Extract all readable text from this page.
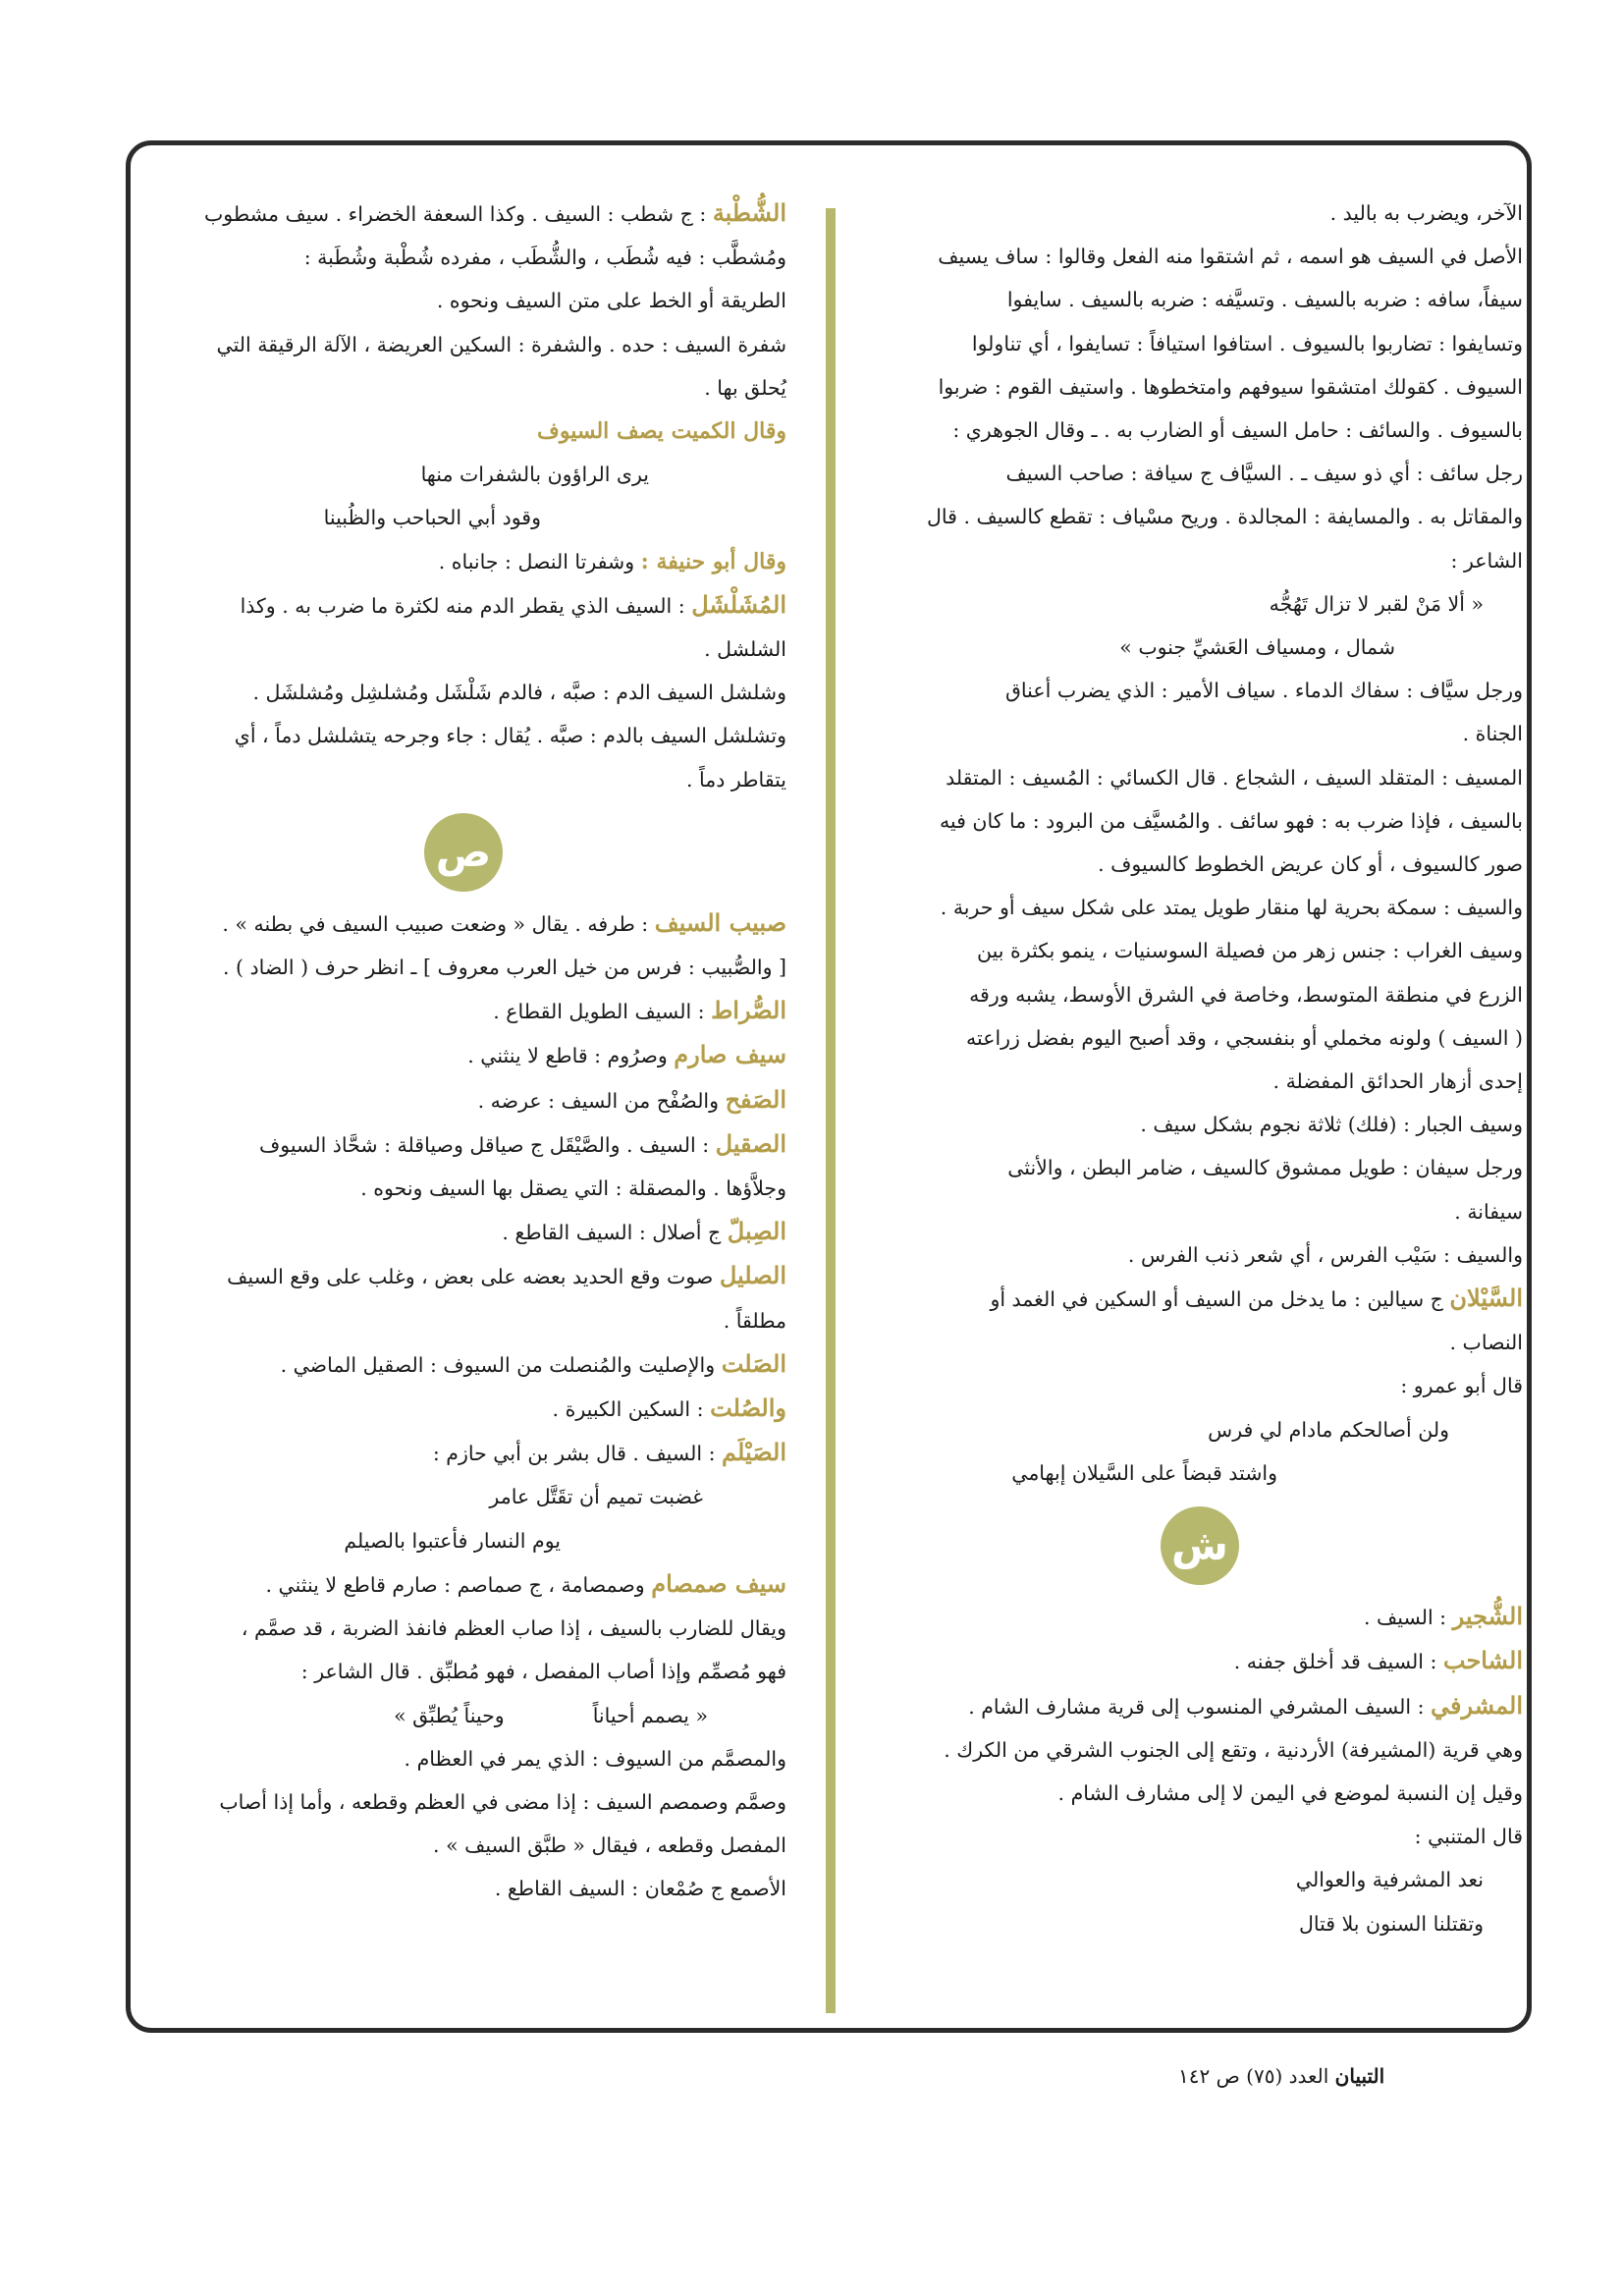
الآخر، ويضرب به باليد .

الأصل في السيف هو اسمه ، ثم اشتقوا منه الفعل وقالوا : ساف يسيف

سيفاً، سافه : ضربه بالسيف . وتسيَّفه : ضربه بالسيف . سايفوا

وتسايفوا : تضاربوا بالسيوف . استافوا استيافاً : تسايفوا ، أي تناولوا

السيوف . كقولك امتشقوا سيوفهم وامتخطوها . واستيف القوم : ضربوا

بالسيوف . والسائف : حامل السيف أو الضارب به . ـ وقال الجوهري :

رجل سائف : أي ذو سيف ـ . السيَّاف ج سيافة : صاحب السيف

والمقاتل به . والمسايفة : المجالدة . وريح مسْياف : تقطع كالسيف . قال

الشاعر :

« ألا مَنْ لقبر لا تزال تَهُجُّه

شمال ، ومسياف العَشيِّ جنوب »

ورجل سيَّاف : سفاك الدماء . سياف الأمير : الذي يضرب أعناق

الجناة .

المسيف : المتقلد السيف ، الشجاع . قال الكسائي : المُسيف : المتقلد

بالسيف ، فإذا ضرب به : فهو سائف . والمُسيَّف من البرود : ما كان فيه

صور كالسيوف ، أو كان عريض الخطوط كالسيوف .

والسيف : سمكة بحرية لها منقار طويل يمتد على شكل سيف أو حربة .

وسيف الغراب : جنس زهر من فصيلة السوسنيات ، ينمو بكثرة بين

الزرع في منطقة المتوسط، وخاصة في الشرق الأوسط، يشبه ورقه

( السيف ) ولونه مخملي أو بنفسجي ، وقد أصبح اليوم بفضل زراعته

إحدى أزهار الحدائق المفضلة .

وسيف الجبار : (فلك) ثلاثة نجوم بشكل سيف .

ورجل سيفان : طويل ممشوق كالسيف ، ضامر البطن ، والأنثى

سيفانة .

والسيف : سَيْب الفرس ، أي شعر ذنب الفرس .

السَّيْلان ج سيالين : ما يدخل من السيف أو السكين في الغمد أو

النصاب .

قال أبو عمرو :

ولن أصالحكم مادام لي فرس

واشتد قبضاً على السَّيلان إبهامي

ش

الشُّجير : السيف .

الشاحب : السيف قد أخلق جفنه .

المشرفي : السيف المشرفي المنسوب إلى قرية مشارف الشام .

وهي قرية (المشيرفة) الأردنية ، وتقع إلى الجنوب الشرقي من الكرك .

وقيل إن النسبة لموضع في اليمن لا إلى مشارف الشام .

قال المتنبي :

نعد المشرفية والعوالي

وتقتلنا السنون بلا قتال

الشُّطْبة : ج شطب : السيف . وكذا السعفة الخضراء . سيف مشطوب

ومُشطَّب : فيه شُطَب ، والشُّطَب ، مفرده شُطْبة وشُطَبة :

الطريقة أو الخط على متن السيف ونحوه .

شفرة السيف : حده . والشفرة : السكين العريضة ، الآلة الرقيقة التي

يُحلق بها .

وقال الكميت يصف السيوف

يرى الراؤون بالشفرات منها

وقود أبي الحباحب والظُبينا

وقال أبو حنيفة : وشفرتا النصل : جانباه .

المُشَلْشَل : السيف الذي يقطر الدم منه لكثرة ما ضرب به . وكذا

الشلشل .

وشلشل السيف الدم : صبَّه ، فالدم شَلْشَل ومُشلشِل ومُشلشَل .

وتشلشل السيف بالدم : صبَّه . يُقال : جاء وجرحه يتشلشل دماً ، أي

يتقاطر دماً .

ص

صبيب السيف : طرفه . يقال « وضعت صبيب السيف في بطنه » .

[ والصُّبيب : فرس من خيل العرب معروف ] ـ انظر حرف ( الضاد ) .

الصُّراط : السيف الطويل القطاع .

سيف صارم وصرُوم : قاطع لا ينثني .

الصَفح والصُفْح من السيف : عرضه .

الصقيل : السيف . والصَّيْقَل ج صياقل وصياقلة : شحَّاذ السيوف

وجلاَّؤها . والمصقلة : التي يصقل بها السيف ونحوه .

الصِبلّ ج أصلال : السيف القاطع .

الصليل صوت وقع الحديد بعضه على بعض ، وغلب على وقع السيف

مطلقاً .

الصَلت والإصليت والمُنصلت من السيوف : الصقيل الماضي .

والصُلت : السكين الكبيرة .

الصَيْلَم : السيف . قال بشر بن أبي حازم :

غضبت تميم أن تقَتَّل عامر

يوم النسار فأعتبوا بالصيلم

سيف صمصام وصمصامة ، ج صماصم : صارم قاطع لا ينثني .

ويقال للضارب بالسيف ، إذا صاب العظم فانفذ الضربة ، قد صمَّم ،

فهو مُصمِّم وإذا أصاب المفصل ، فهو مُطبِّق . قال الشاعر :

« يصمم أحياناًوحيناً يُطبِّق »

والمصمَّم من السيوف : الذي يمر في العظام .

وصمَّم وصمصم السيف : إذا مضى في العظم وقطعه ، وأما إذا أصاب

المفصل وقطعه ، فيقال « طبَّق السيف » .

الأصمع ج صُمْعان : السيف القاطع .

التبيان العدد (٧٥) ص ١٤٢
